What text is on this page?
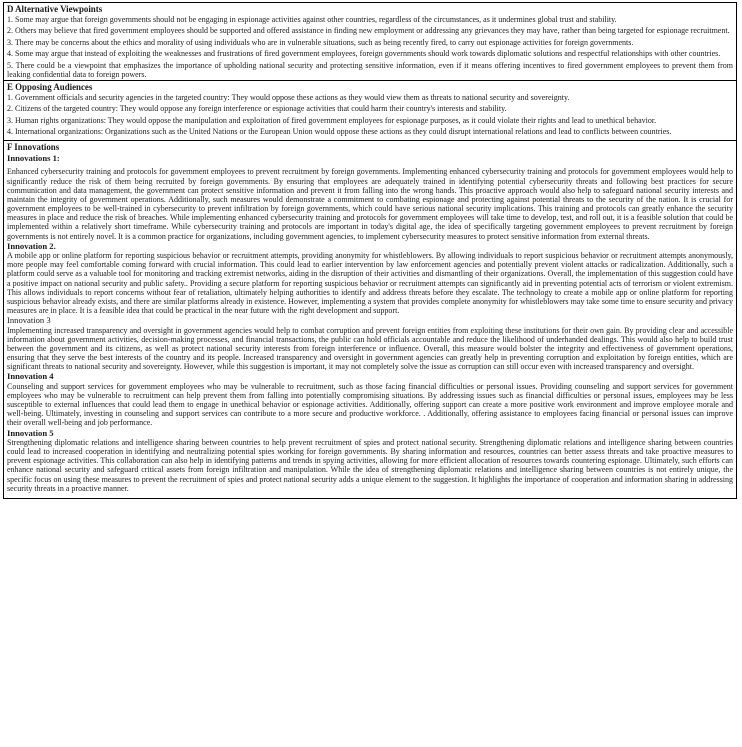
D Alternative Viewpoints

1. Some may argue that foreign governments should not be engaging in espionage activities against other countries, regardless of the circumstances, as it undermines global trust and stability.

2. Others may believe that fired government employees should be supported and offered assistance in finding new employment or addressing any grievances they may have, rather than being targeted for espionage recruitment.

3. There may be concerns about the ethics and morality of using individuals who are in vulnerable situations, such as being recently fired, to carry out espionage activities for foreign governments.

4. Some may argue that instead of exploiting the weaknesses and frustrations of fired government employees, foreign governments should work towards diplomatic solutions and respectful relationships with other countries.

5. There could be a viewpoint that emphasizes the importance of upholding national security and protecting sensitive information, even if it means offering incentives to fired government employees to prevent them from leaking confidential data to foreign powers.

E Opposing Audiences

1. Government officials and security agencies in the targeted country: They would oppose these actions as they would view them as threats to national security and sovereignty.

2. Citizens of the targeted country: They would oppose any foreign interference or espionage activities that could harm their country's interests and stability.

3. Human rights organizations: They would oppose the manipulation and exploitation of fired government employees for espionage purposes, as it could violate their rights and lead to unethical behavior.

4. International organizations: Organizations such as the United Nations or the European Union would oppose these actions as they could disrupt international relations and lead to conflicts between countries.

F Innovations
Innovations 1:

Enhanced cybersecurity training and protocols for government employees to prevent recruitment by foreign governments. Implementing enhanced cybersecurity training and protocols for government employees would help to significantly reduce the risk of them being recruited by foreign governments. By ensuring that employees are adequately trained in identifying potential cybersecurity threats and following best practices for secure communication and data management, the government can protect sensitive information and prevent it from falling into the wrong hands. This proactive approach would also help to safeguard national security interests and maintain the integrity of government operations. Additionally, such measures would demonstrate a commitment to combating espionage and protecting against potential threats to the security of the nation. It is crucial for government employees to be well-trained in cybersecurity to prevent infiltration by foreign governments, which could have serious national security implications. This training and protocols can greatly enhance the security measures in place and reduce the risk of breaches. While implementing enhanced cybersecurity training and protocols for government employees will take time to develop, test, and roll out, it is a feasible solution that could be implemented within a relatively short timeframe. While cybersecurity training and protocols are important in today's digital age, the idea of specifically targeting government employees to prevent recruitment by foreign governments is not entirely novel. It is a common practice for organizations, including government agencies, to implement cybersecurity measures to protect sensitive information from external threats.

Innovation 2.

A mobile app or online platform for reporting suspicious behavior or recruitment attempts, providing anonymity for whistleblowers. By allowing individuals to report suspicious behavior or recruitment attempts anonymously, more people may feel comfortable coming forward with crucial information. This could lead to earlier intervention by law enforcement agencies and potentially prevent violent attacks or radicalization. Additionally, such a platform could serve as a valuable tool for monitoring and tracking extremist networks, aiding in the disruption of their activities and dismantling of their organizations. Overall, the implementation of this suggestion could have a positive impact on national security and public safety.. Providing a secure platform for reporting suspicious behavior or recruitment attempts can significantly aid in preventing potential acts of terrorism or violent extremism. This allows individuals to report concerns without fear of retaliation, ultimately helping authorities to identify and address threats before they escalate. The technology to create a mobile app or online platform for reporting suspicious behavior already exists, and there are similar platforms already in existence. However, implementing a system that provides complete anonymity for whistleblowers may take some time to ensure security and privacy measures are in place. It is a feasible idea that could be practical in the near future with the right development and support.

Innovation 3

Implementing increased transparency and oversight in government agencies would help to combat corruption and prevent foreign entities from exploiting these institutions for their own gain. By providing clear and accessible information about government activities, decision-making processes, and financial transactions, the public can hold officials accountable and reduce the likelihood of underhanded dealings. This would also help to build trust between the government and its citizens, as well as protect national security interests from foreign interference or influence. Overall, this measure would bolster the integrity and effectiveness of government operations, ensuring that they serve the best interests of the country and its people. Increased transparency and oversight in government agencies can greatly help in preventing corruption and exploitation by foreign entities, which are significant threats to national security and sovereignty. However, while this suggestion is important, it may not completely solve the issue as corruption can still occur even with increased transparency and oversight.

Innovation 4

Counseling and support services for government employees who may be vulnerable to recruitment, such as those facing financial difficulties or personal issues. Providing counseling and support services for government employees who may be vulnerable to recruitment can help prevent them from falling into potentially compromising situations. By addressing issues such as financial difficulties or personal issues, employees may be less susceptible to external influences that could lead them to engage in unethical behavior or espionage activities. Additionally, offering support can create a more positive work environment and improve employee morale and well-being. Ultimately, investing in counseling and support services can contribute to a more secure and productive workforce. . Additionally, offering assistance to employees facing financial or personal issues can improve their overall well-being and job performance.

Innovation 5

Strengthening diplomatic relations and intelligence sharing between countries to help prevent recruitment of spies and protect national security. Strengthening diplomatic relations and intelligence sharing between countries could lead to increased cooperation in identifying and neutralizing potential spies working for foreign governments. By sharing information and resources, countries can better assess threats and take proactive measures to prevent espionage activities. This collaboration can also help in identifying patterns and trends in spying activities, allowing for more efficient allocation of resources towards countering espionage. Ultimately, such efforts can enhance national security and safeguard critical assets from foreign infiltration and manipulation. While the idea of strengthening diplomatic relations and intelligence sharing between countries is not entirely unique, the specific focus on using these measures to prevent the recruitment of spies and protect national security adds a unique element to the suggestion. It highlights the importance of cooperation and information sharing in addressing security threats in a proactive manner.
